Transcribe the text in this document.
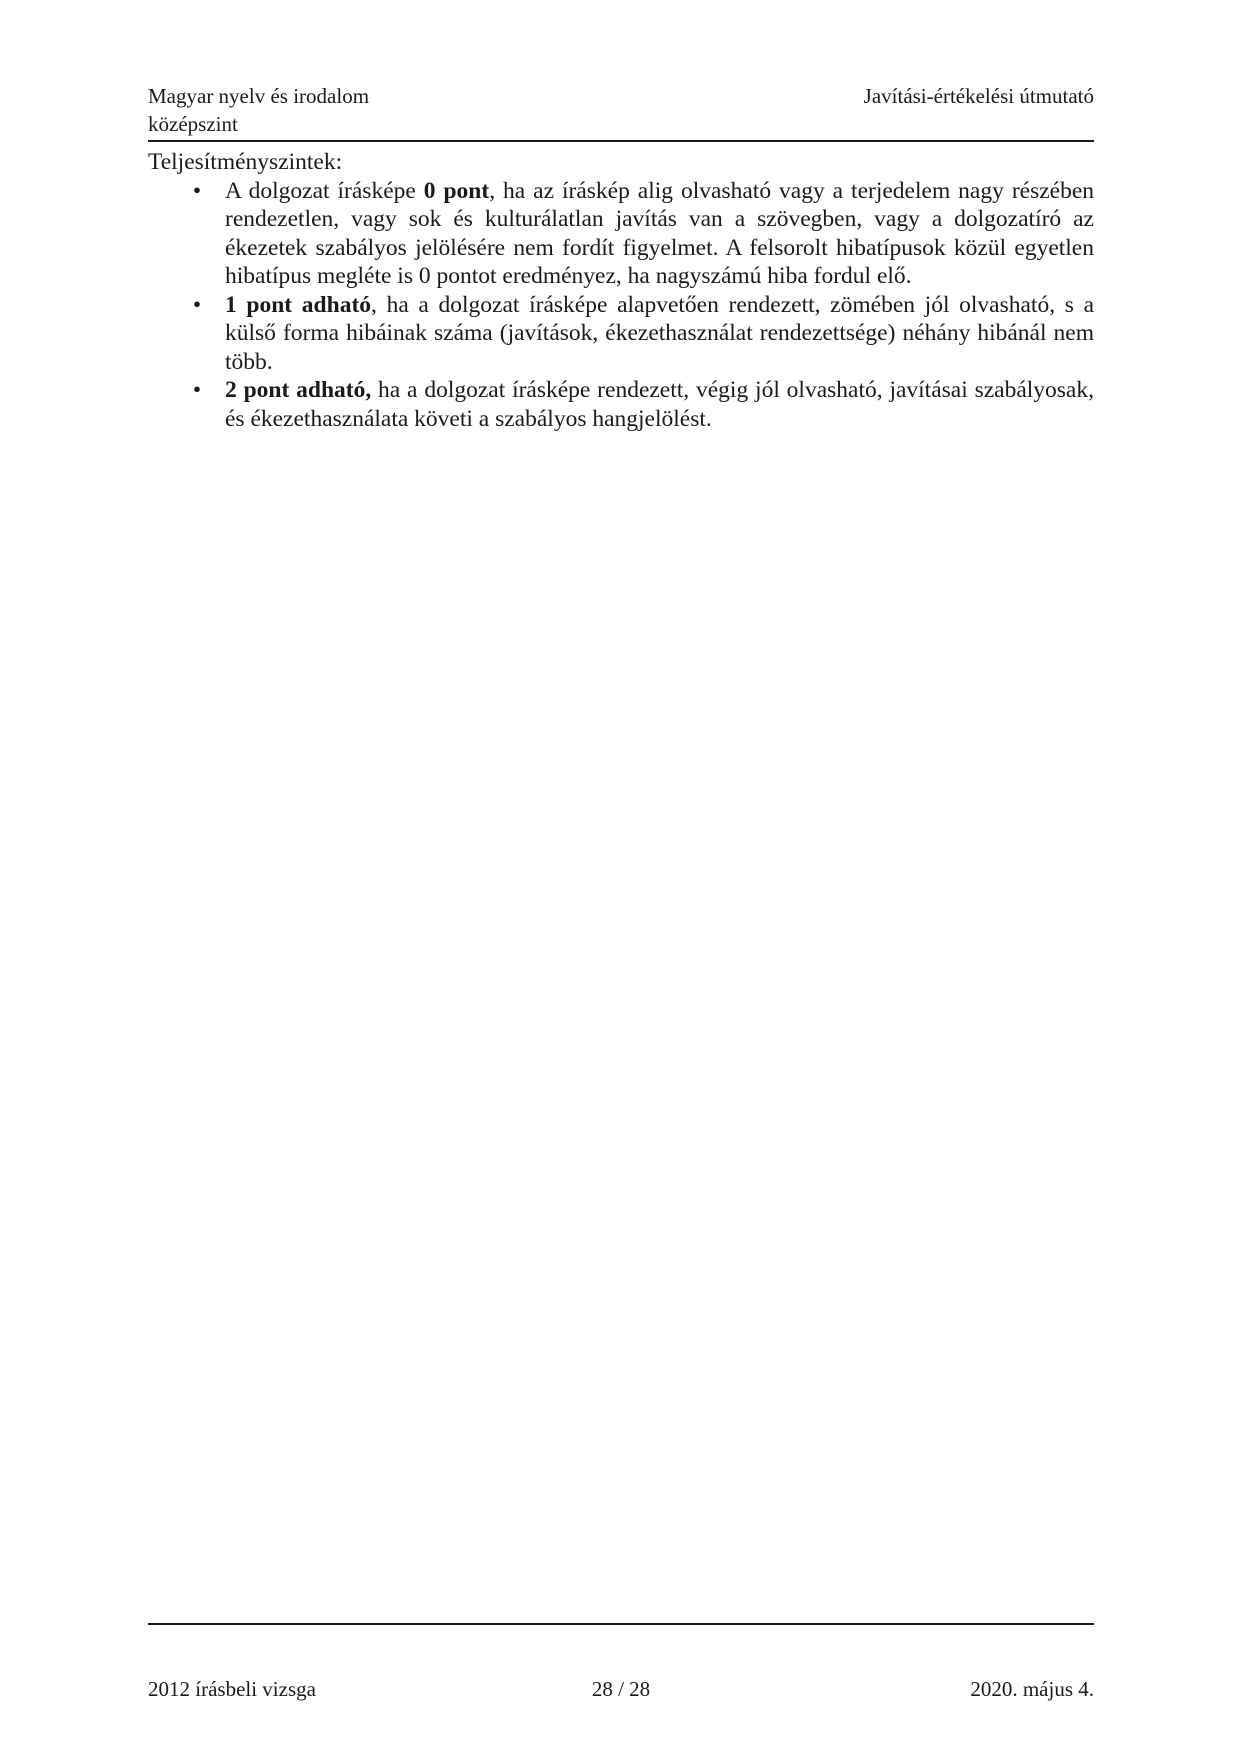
Magyar nyelv és irodalom
középszint
Javítási-értékelési útmutató

Teljesítményszintek:

• A dolgozat írásképe 0 pont, ha az íráskép alig olvasható vagy a terjedelem nagy részében rendezetlen, vagy sok és kulturálatlan javítás van a szövegben, vagy a dolgozatíró az ékezetek szabályos jelölésére nem fordít figyelmet. A felsorolt hibatípusok közül egyetlen hibatípus megléte is 0 pontot eredményez, ha nagyszámú hiba fordul elő.
• 1 pont adható, ha a dolgozat írásképe alapvetően rendezett, zömében jól olvasható, s a külső forma hibáinak száma (javítások, ékezethasználat rendezettsége) néhány hibánál nem több.
• 2 pont adható, ha a dolgozat írásképe rendezett, végig jól olvasható, javításai szabályosak, és ékezethasználata követi a szabályos hangjelölést.
2012 írásbeli vizsga	28 / 28	2020. május 4.
